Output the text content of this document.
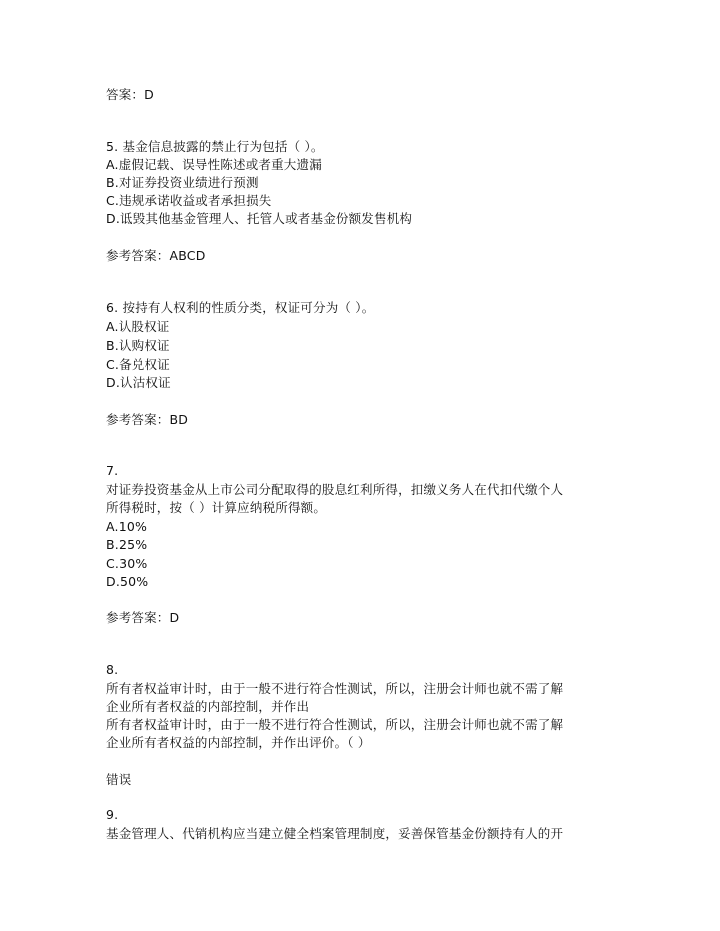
答案：D
5. 基金信息披露的禁止行为包括（ ）。
A.虚假记载、误导性陈述或者重大遗漏
B.对证券投资业绩进行预测
C.违规承诺收益或者承担损失
D.诋毁其他基金管理人、托管人或者基金份额发售机构
参考答案：ABCD
6. 按持有人权利的性质分类，权证可分为（ ）。
A.认股权证
B.认购权证
C.备兑权证
D.认沽权证
参考答案：BD
7.
对证券投资基金从上市公司分配取得的股息红利所得，扣缴义务人在代扣代缴个人
所得税时，按（ ）计算应纳税所得额。
A.10%
B.25%
C.30%
D.50%
参考答案：D
8.
所有者权益审计时，由于一般不进行符合性测试，所以，注册会计师也就不需了解
企业所有者权益的内部控制，并作出
所有者权益审计时，由于一般不进行符合性测试，所以，注册会计师也就不需了解
企业所有者权益的内部控制，并作出评价。（ ）
错误
9.
基金管理人、代销机构应当建立健全档案管理制度，妥善保管基金份额持有人的开
